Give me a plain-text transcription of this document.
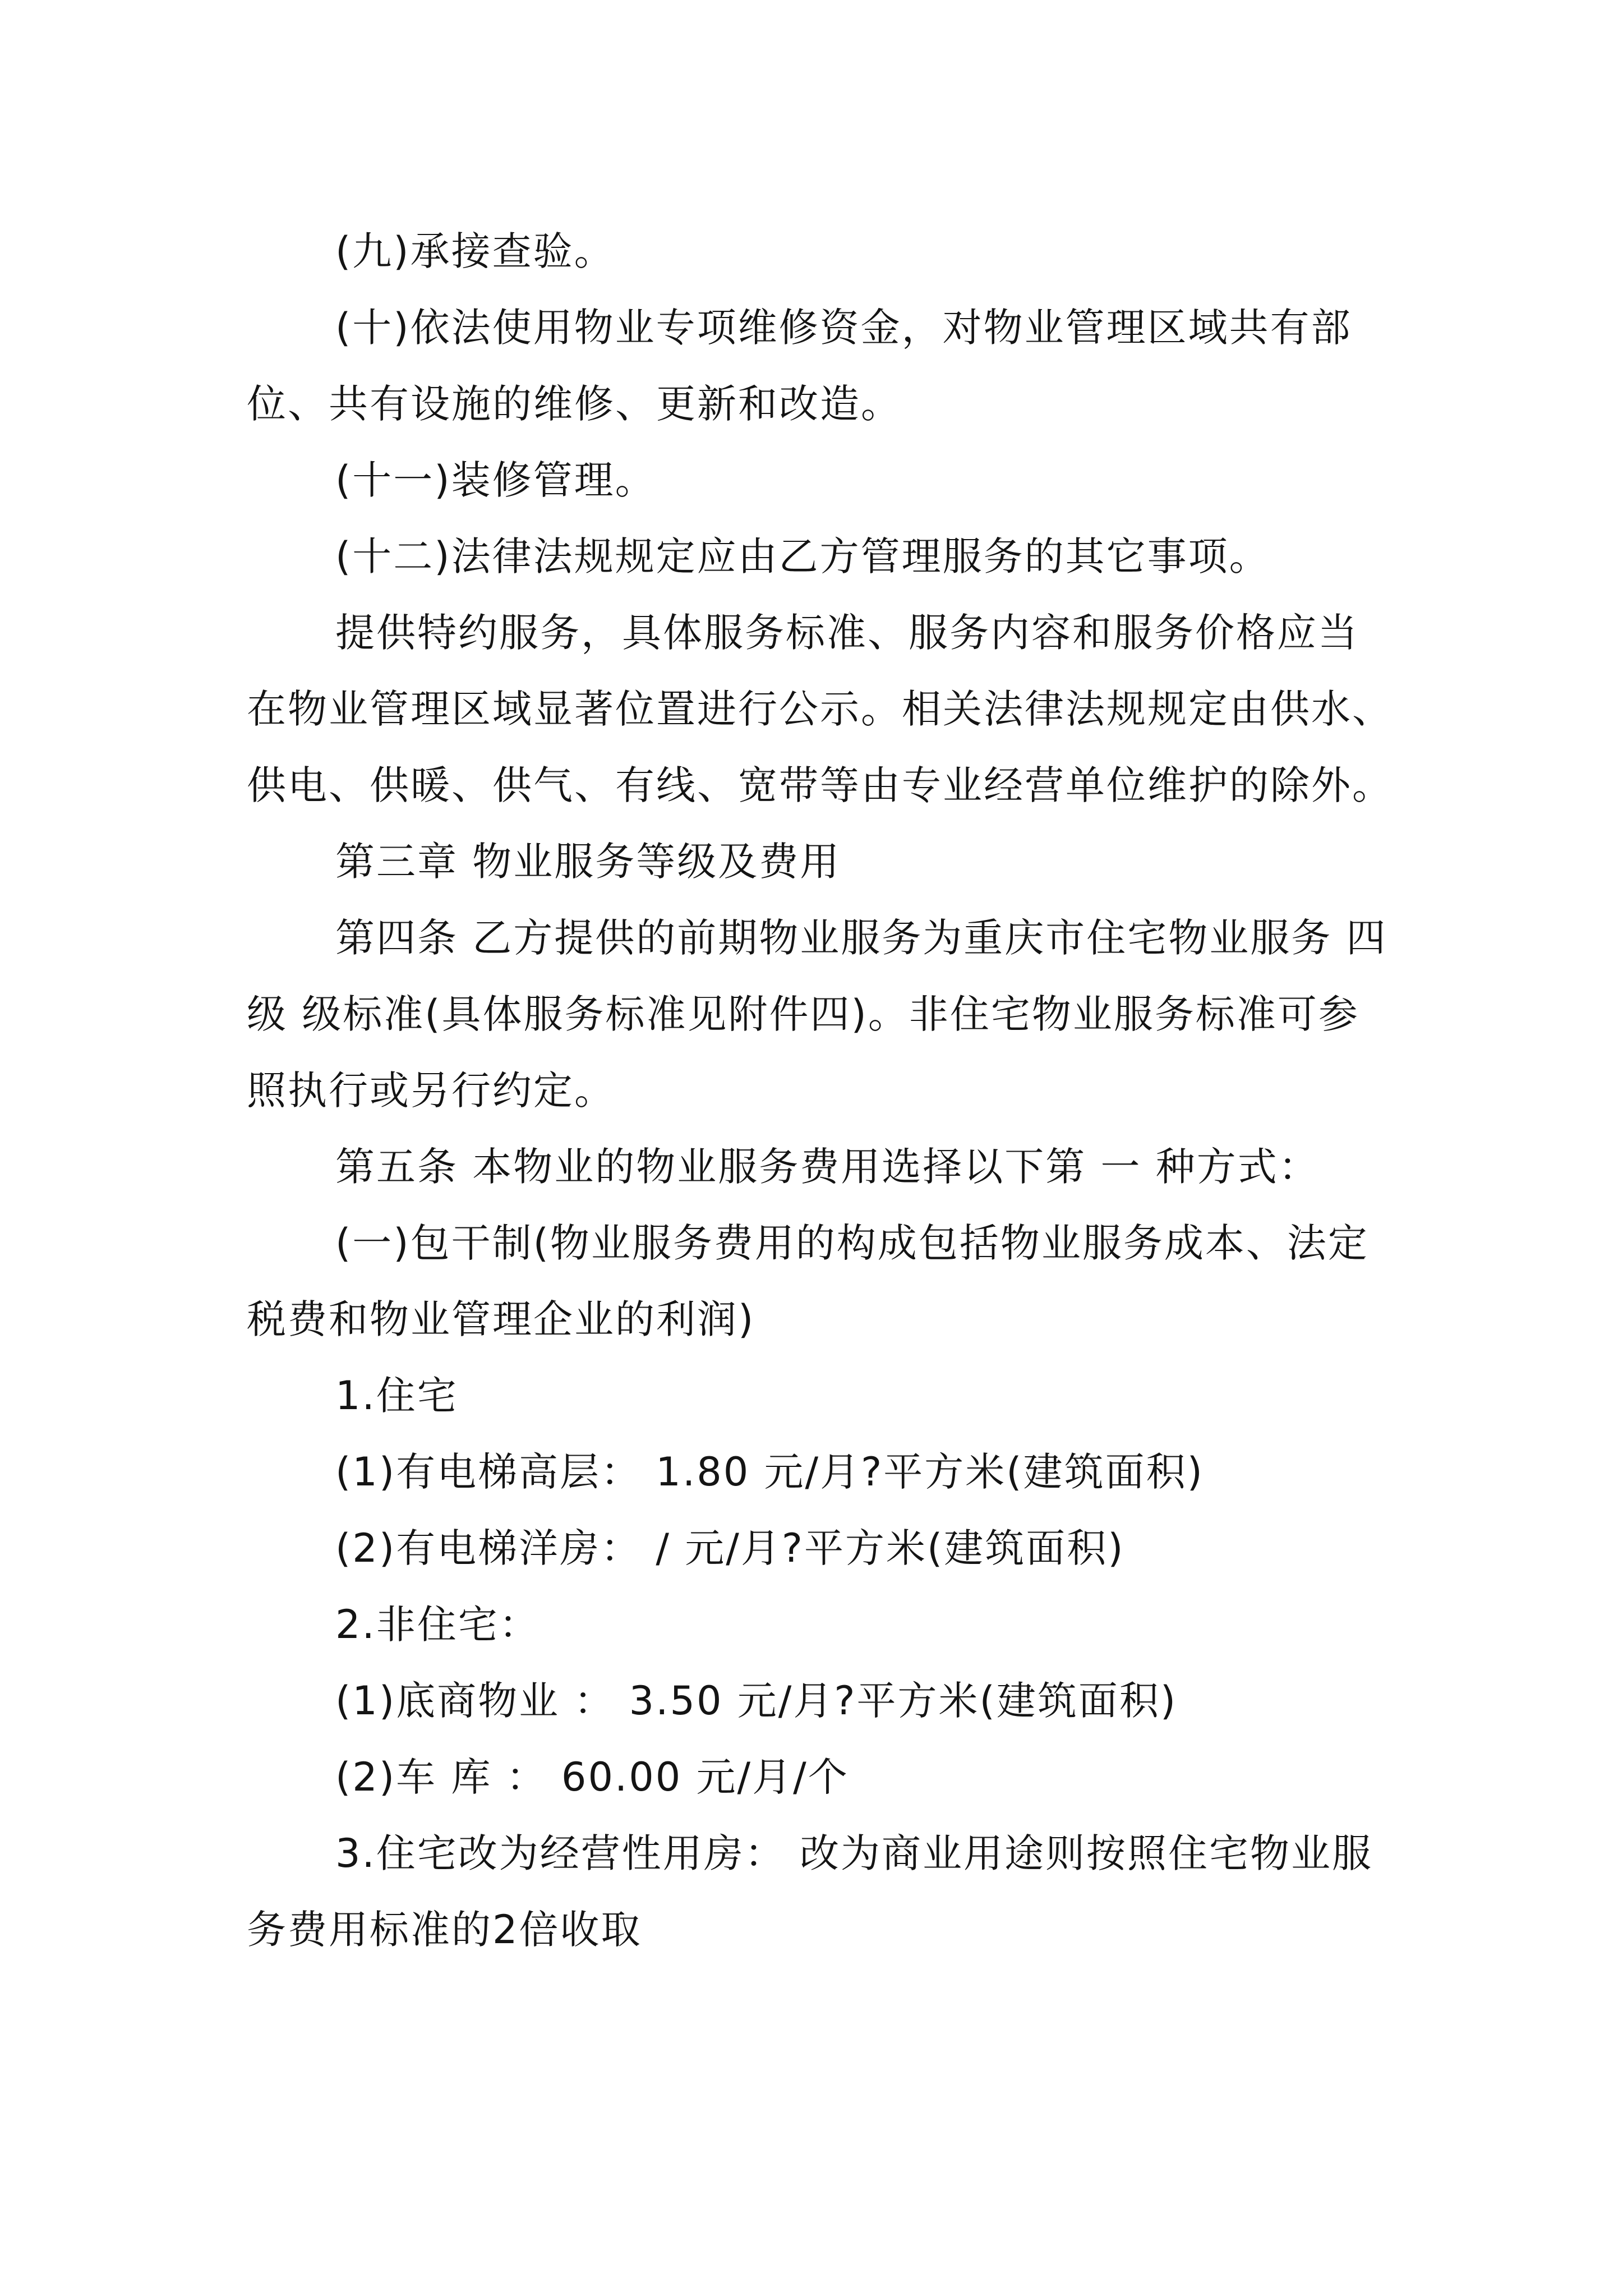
(九)承接查验。

(十)依法使用物业专项维修资金，对物业管理区域共有部位、共有设施的维修、更新和改造。

(十一)装修管理。

(十二)法律法规规定应由乙方管理服务的其它事项。

提供特约服务，具体服务标准、服务内容和服务价格应当在物业管理区域显著位置进行公示。相关法律法规规定由供水、供电、供暖、供气、有线、宽带等由专业经营单位维护的除外。

第三章 物业服务等级及费用

第四条 乙方提供的前期物业服务为重庆市住宅物业服务 四级 级标准(具体服务标准见附件四)。非住宅物业服务标准可参照执行或另行约定。

第五条 本物业的物业服务费用选择以下第 一 种方式：

(一)包干制(物业服务费用的构成包括物业服务成本、法定税费和物业管理企业的利润)

1.住宅

(1)有电梯高层： 1.80 元/月?平方米(建筑面积)

(2)有电梯洋房： / 元/月?平方米(建筑面积)

2.非住宅：

(1)底商物业 ： 3.50 元/月?平方米(建筑面积)

(2)车 库 ： 60.00 元/月/个

3.住宅改为经营性用房： 改为商业用途则按照住宅物业服务费用标准的2倍收取
